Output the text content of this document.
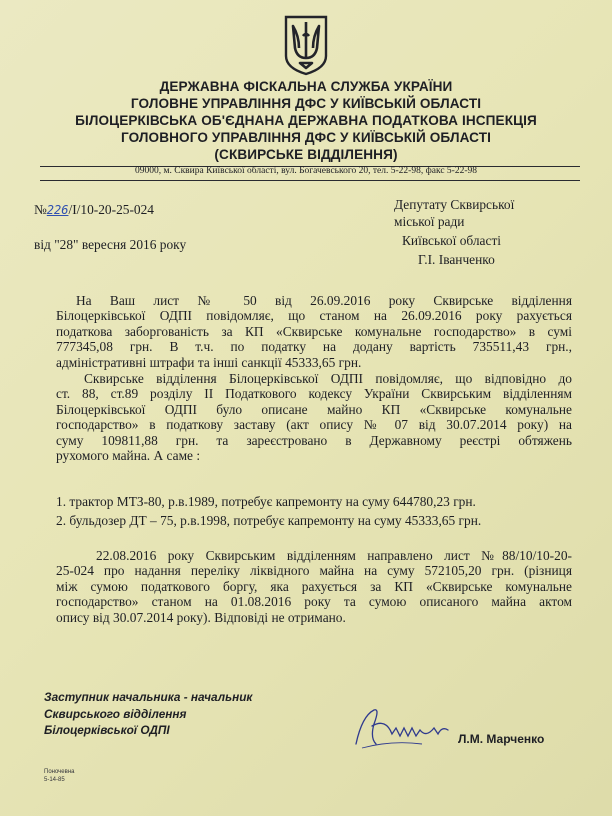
ДЕРЖАВНА ФІСКАЛЬНА СЛУЖБА УКРАЇНИ
ГОЛОВНЕ УПРАВЛІННЯ ДФС У КИЇВСЬКІЙ ОБЛАСТІ
БІЛОЦЕРКІВСЬКА ОБ'ЄДНАНА ДЕРЖАВНА ПОДАТКОВА ІНСПЕКЦІЯ
ГОЛОВНОГО УПРАВЛІННЯ ДФС У КИЇВСЬКІЙ ОБЛАСТІ
(СКВИРСЬКЕ ВІДДІЛЕННЯ)
09000, м. Сквира Київської області, вул. Богачевського 20, тел. 5-22-98, факс 5-22-98
№226/І/10-20-25-024
від "28" вересня 2016 року
Депутату Сквирської
міської ради
Київської області
Г.І. Іванченко
На Ваш лист № 50 від 26.09.2016 року Сквирське відділення
Білоцерківської ОДПІ повідомляє, що станом на 26.09.2016 року рахується
податкова заборгованість за КП «Сквирське комунальне господарство» в сумі
777345,08 грн. В т.ч. по податку на додану вартість 735511,43 грн.,
адміністративні штрафи та інші санкції 45333,65 грн.
Сквирське відділення Білоцерківської ОДПІ повідомляє, що відповідно до
ст. 88, ст.89 розділу ІІ Податкового кодексу України Сквирським відділенням
Білоцерківської ОДПІ було описане майно КП «Сквирське комунальне
господарство» в податкову заставу (акт опису № 07 від 30.07.2014 року) на
суму 109811,88 грн. та зареєстровано в Державному реєстрі обтяжень
рухомого майна. А саме :
1. трактор МТЗ-80, р.в.1989, потребує капремонту на суму 644780,23 грн.
2. бульдозер ДТ – 75, р.в.1998, потребує капремонту на суму 45333,65 грн.
22.08.2016 року Сквирським відділенням направлено лист №88/10/10-20-
25-024 про надання переліку ліквідного майна на суму 572105,20 грн. (різниця
між сумою податкового боргу, яка рахується за КП «Сквирське комунальне
господарство» станом на 01.08.2016 року та сумою описаного майна актом
опису від 30.07.2014 року). Відповіді не отримано.
Заступник начальника - начальник
Сквирського відділення
Білоцерківської ОДПІ
Л.М. Марченко
Поночевна
5-14-85
